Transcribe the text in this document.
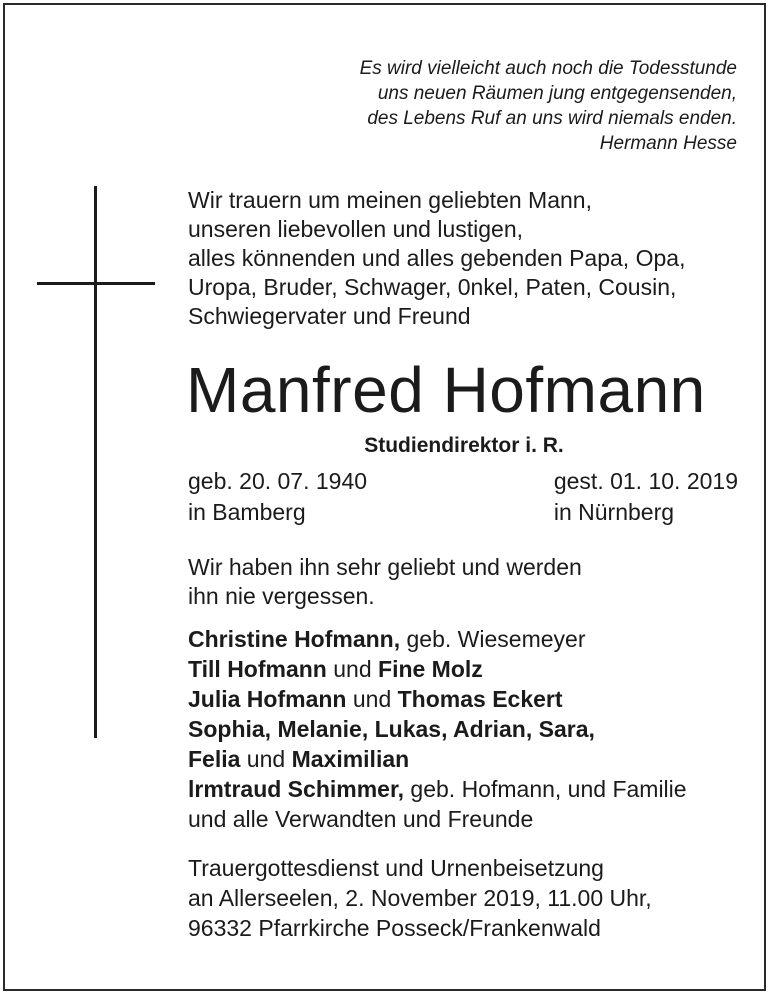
Es wird vielleicht auch noch die Todesstunde
uns neuen Räumen jung entgegensenden,
des Lebens Ruf an uns wird niemals enden.
Hermann Hesse
Wir trauern um meinen geliebten Mann,
unseren liebevollen und lustigen,
alles könnenden und alles gebenden Papa, Opa,
Uropa, Bruder, Schwager, 0nkel, Paten, Cousin,
Schwiegervater und Freund
Manfred Hofmann
Studiendirektor i. R.
geb. 20. 07. 1940
in Bamberg
gest. 01. 10. 2019
in Nürnberg
Wir haben ihn sehr geliebt und werden
ihn nie vergessen.
Christine Hofmann, geb. Wiesemeyer
Till Hofmann und Fine Molz
Julia Hofmann und Thomas Eckert
Sophia, Melanie, Lukas, Adrian, Sara,
Felia und Maximilian
lrmtraud Schimmer, geb. Hofmann, und Familie
und alle Verwandten und Freunde
Trauergottesdienst und Urnenbeisetzung
an Allerseelen, 2. November 2019, 11.00 Uhr,
96332 Pfarrkirche Posseck/Frankenwald
